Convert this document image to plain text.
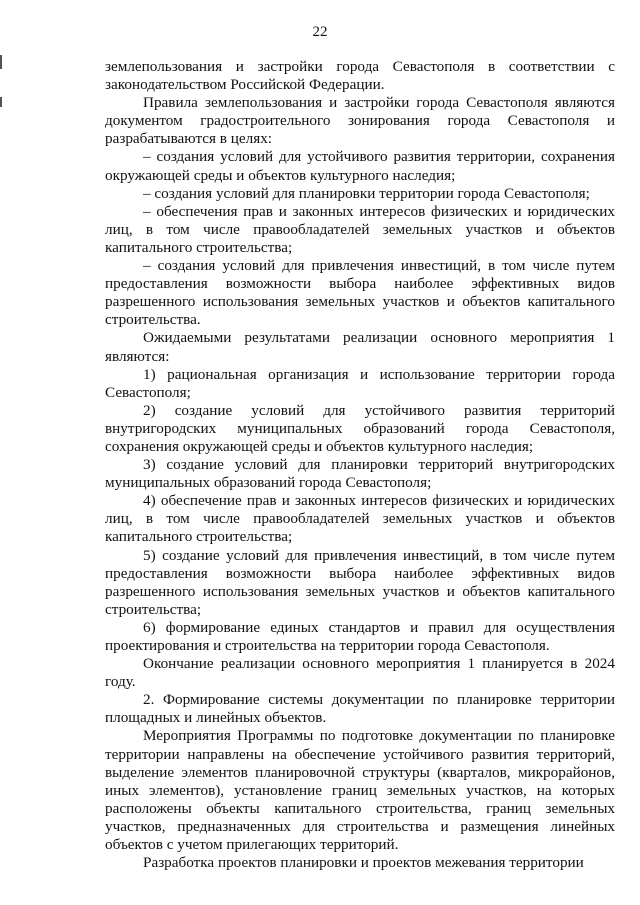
22

землепользования и застройки города Севастополя в соответствии с законодательством Российской Федерации.

Правила землепользования и застройки города Севастополя являются документом градостроительного зонирования города Севастополя и разрабатываются в целях:

– создания условий для устойчивого развития территории, сохранения окружающей среды и объектов культурного наследия;

– создания условий для планировки территории города Севастополя;

– обеспечения прав и законных интересов физических и юридических лиц, в том числе правообладателей земельных участков и объектов капитального строительства;

– создания условий для привлечения инвестиций, в том числе путем предоставления возможности выбора наиболее эффективных видов разрешенного использования земельных участков и объектов капитального строительства.

Ожидаемыми результатами реализации основного мероприятия 1 являются:

1) рациональная организация и использование территории города Севастополя;

2) создание условий для устойчивого развития территорий внутригородских муниципальных образований города Севастополя, сохранения окружающей среды и объектов культурного наследия;

3) создание условий для планировки территорий внутригородских муниципальных образований города Севастополя;

4) обеспечение прав и законных интересов физических и юридических лиц, в том числе правообладателей земельных участков и объектов капитального строительства;

5) создание условий для привлечения инвестиций, в том числе путем предоставления возможности выбора наиболее эффективных видов разрешенного использования земельных участков и объектов капитального строительства;

6) формирование единых стандартов и правил для осуществления проектирования и строительства на территории города Севастополя.

Окончание реализации основного мероприятия 1 планируется в 2024 году.

2. Формирование системы документации по планировке территории площадных и линейных объектов.

Мероприятия Программы по подготовке документации по планировке территории направлены на обеспечение устойчивого развития территорий, выделение элементов планировочной структуры (кварталов, микрорайонов, иных элементов), установление границ земельных участков, на которых расположены объекты капитального строительства, границ земельных участков, предназначенных для строительства и размещения линейных объектов с учетом прилегающих территорий.

Разработка проектов планировки и проектов межевания территории
